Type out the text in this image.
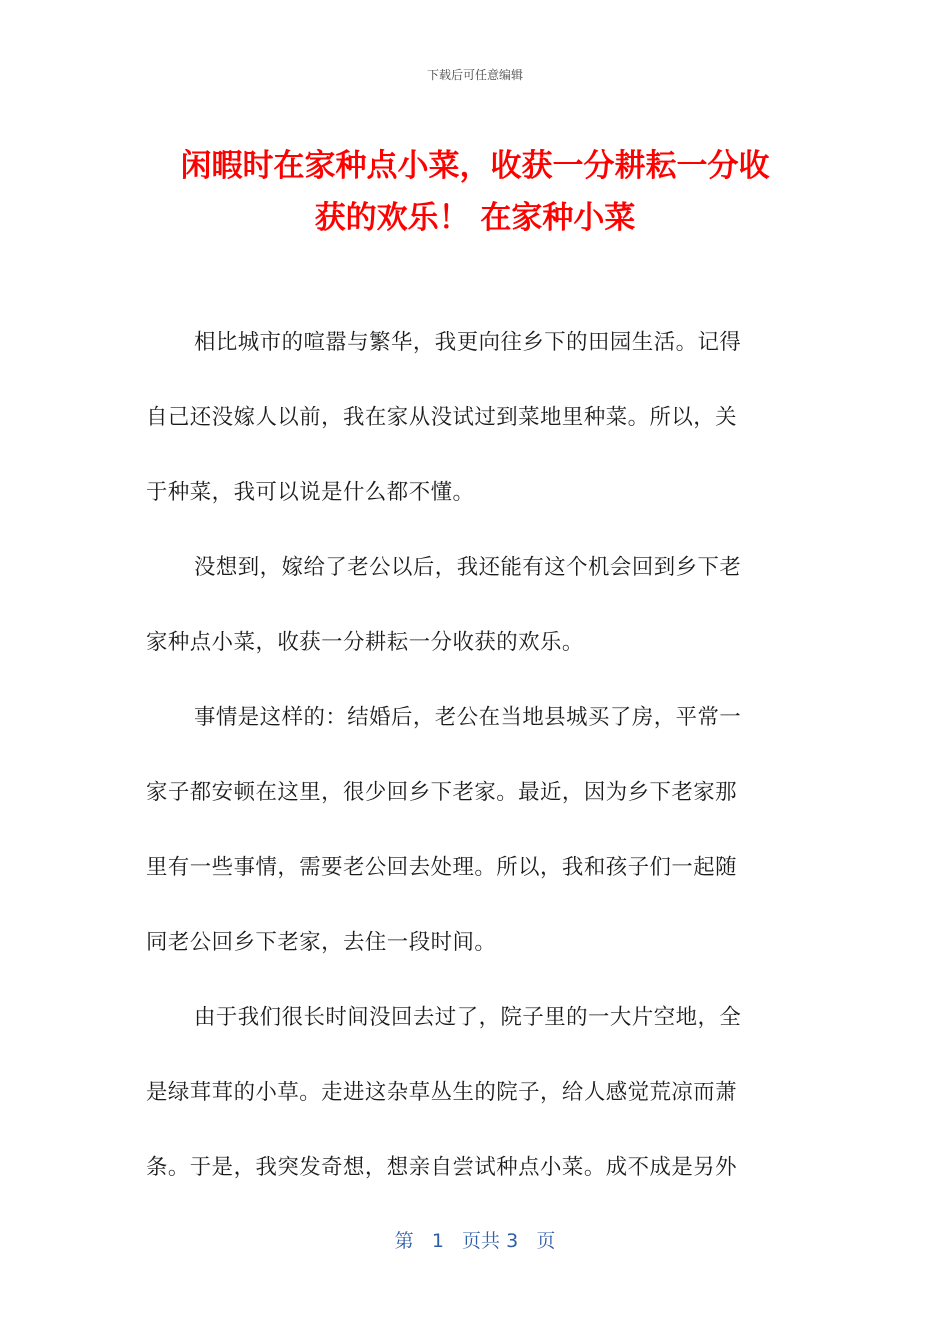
下载后可任意编辑
闲暇时在家种点小菜，收获一分耕耘一分收
获的欢乐！ 在家种小菜
相比城市的喧嚣与繁华，我更向往乡下的田园生活。记得
自己还没嫁人以前，我在家从没试过到菜地里种菜。所以，关
于种菜，我可以说是什么都不懂。
没想到，嫁给了老公以后，我还能有这个机会回到乡下老
家种点小菜，收获一分耕耘一分收获的欢乐。
事情是这样的：结婚后，老公在当地县城买了房，平常一
家子都安顿在这里，很少回乡下老家。最近，因为乡下老家那
里有一些事情，需要老公回去处理。所以，我和孩子们一起随
同老公回乡下老家，去住一段时间。
由于我们很长时间没回去过了，院子里的一大片空地，全
是绿茸茸的小草。走进这杂草丛生的院子，给人感觉荒凉而萧
条。于是，我突发奇想，想亲自尝试种点小菜。成不成是另外
第 1 页共 3 页
